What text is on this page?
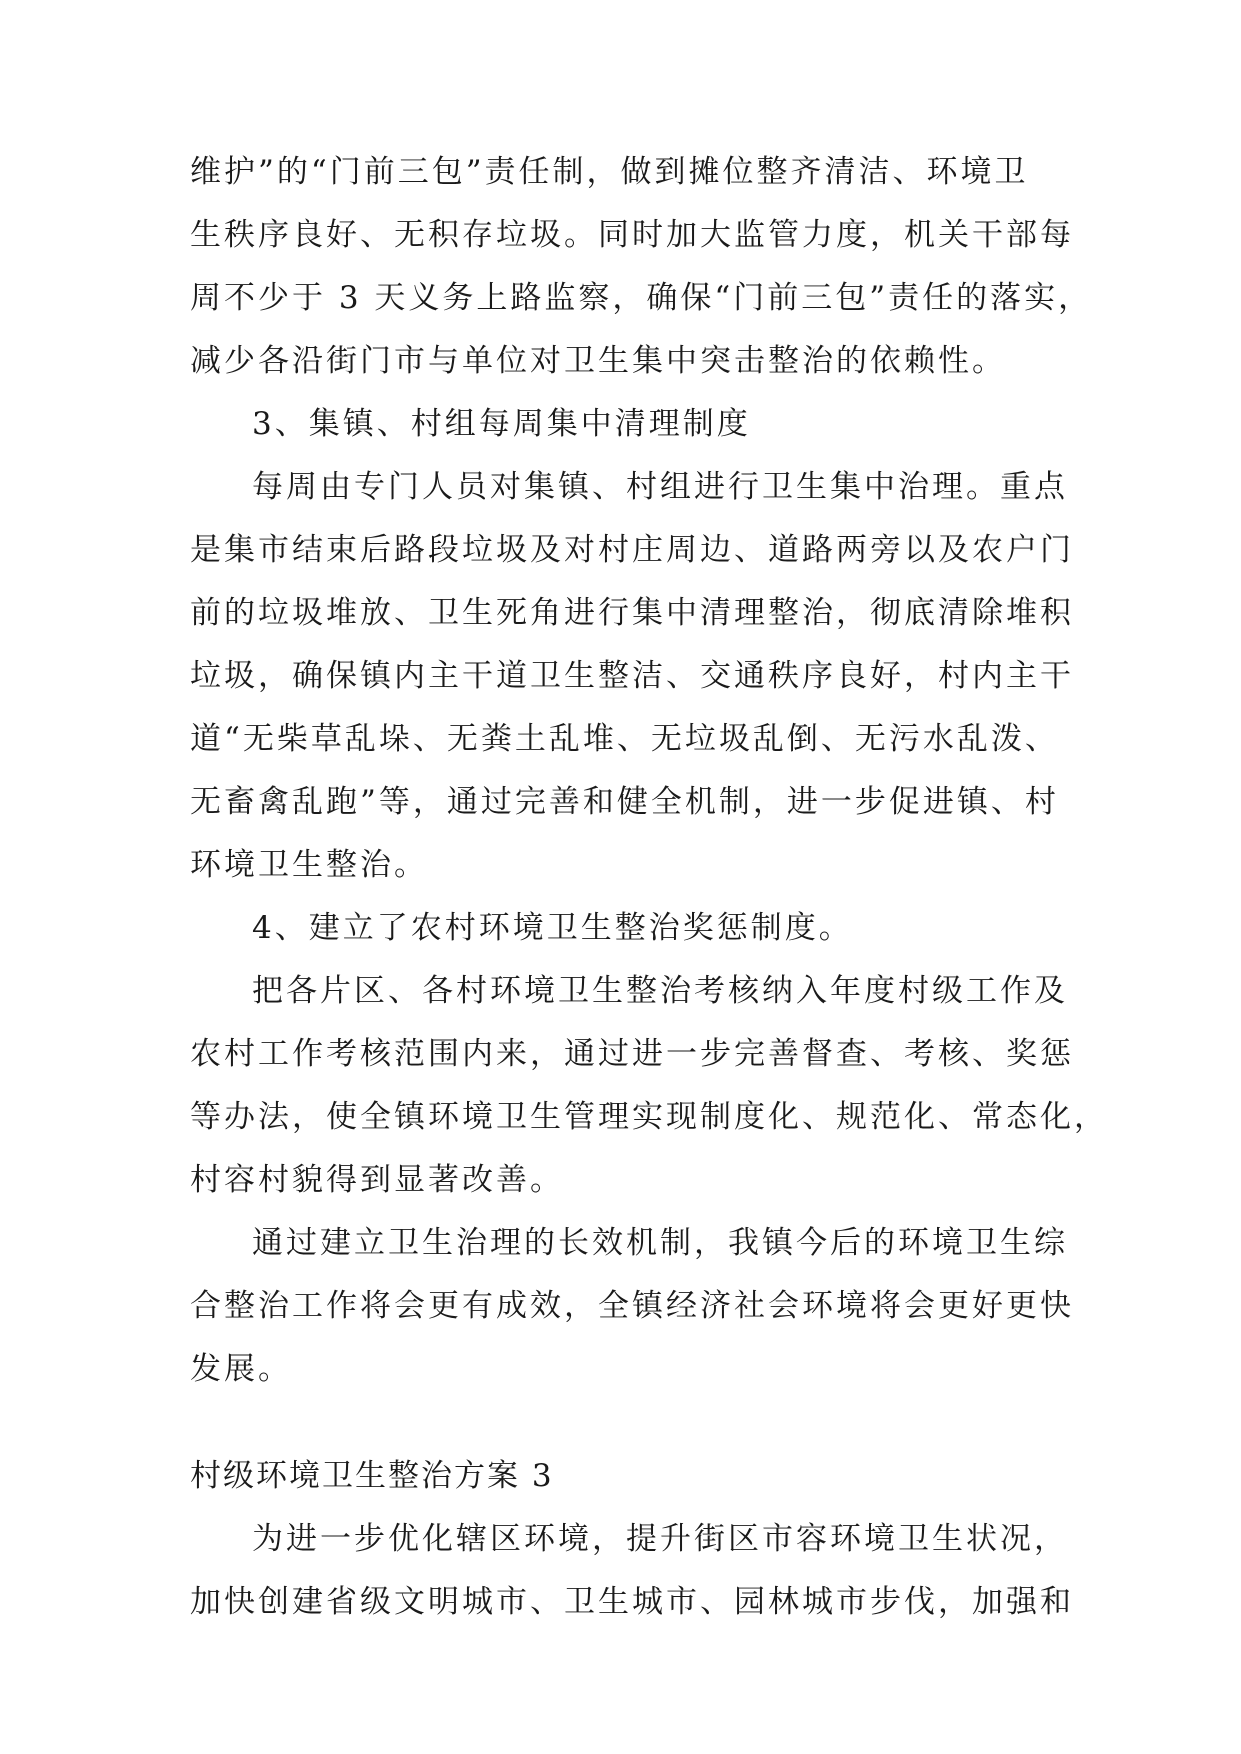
维护”的“门前三包”责任制，做到摊位整齐清洁、环境卫
生秩序良好、无积存垃圾。同时加大监管力度，机关干部每
周不少于 3 天义务上路监察，确保“门前三包”责任的落实，
减少各沿街门市与单位对卫生集中突击整治的依赖性。
3、集镇、村组每周集中清理制度
每周由专门人员对集镇、村组进行卫生集中治理。重点
是集市结束后路段垃圾及对村庄周边、道路两旁以及农户门
前的垃圾堆放、卫生死角进行集中清理整治，彻底清除堆积
垃圾，确保镇内主干道卫生整洁、交通秩序良好，村内主干
道“无柴草乱垛、无粪土乱堆、无垃圾乱倒、无污水乱泼、
无畜禽乱跑”等，通过完善和健全机制，进一步促进镇、村
环境卫生整治。
4、建立了农村环境卫生整治奖惩制度。
把各片区、各村环境卫生整治考核纳入年度村级工作及
农村工作考核范围内来，通过进一步完善督查、考核、奖惩
等办法，使全镇环境卫生管理实现制度化、规范化、常态化，
村容村貌得到显著改善。
通过建立卫生治理的长效机制，我镇今后的环境卫生综
合整治工作将会更有成效，全镇经济社会环境将会更好更快
发展。
村级环境卫生整治方案 3
为进一步优化辖区环境，提升街区市容环境卫生状况，
加快创建省级文明城市、卫生城市、园林城市步伐，加强和
